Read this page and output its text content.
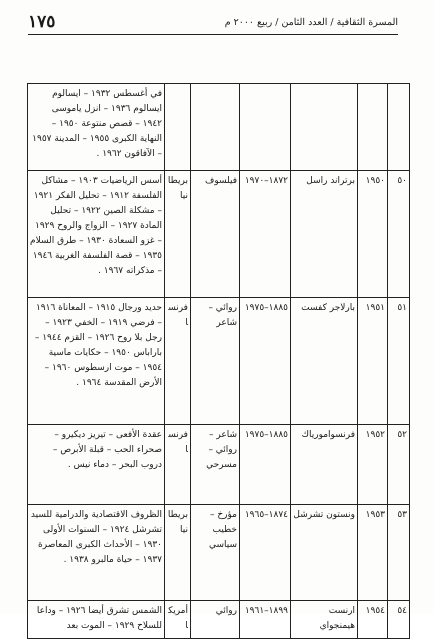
المسرة الثقافية / العدد الثامن / ربيع ٢٠٠٠ م
١٧٥
						في أغسطس ١٩٣٢ – ايسالوم ايسالوم ١٩٣٦ – انزل ياموسى ١٩٤٢ – قصص منتوعة ١٩٥٠ – النهاية الكبرى ١٩٥٥ – المدينة ١٩٥٧ – الآفاقون ١٩٦٢ .
٥٠	١٩٥٠	برتراند راسل	١٨٧٢–١٩٧٠	فيلسوف	بريطانيا	أسس الرياضيات ١٩٠٣ – مشاكل الفلسفة ١٩١٢ – تحليل الفكر ١٩٢١ – مشكلة الصين ١٩٢٢ – تحليل المادة ١٩٢٧ – الزواج والروح ١٩٢٩ – غزو السعادة ١٩٣٠ – طرق السلام ١٩٣٥ – قصة الفلسفة الغربية ١٩٤٦ – مذكراته ١٩٦٧ .
٥١	١٩٥١	بارلاجر كفست	١٨٨٥–١٩٧٥	روائي – شاعر	فرنسا	حديد ورجال ١٩١٥ – المعاناة ١٩١٦ – فرضي ١٩١٩ – الخفي ١٩٢٣ – رجل بلا روح ١٩٢٦ – القزم ١٩٤٤ – باراباس ١٩٥٠ – حكايات ماسية ١٩٥٤ – موت ارسطوس ١٩٦٠ – الأرض المقدسة ١٩٦٤ .
٥٢	١٩٥٢	فرنسوامورياك	١٨٨٥–١٩٧٥	شاعر – روائي – مسرحي	فرنسا	عقدة الأفعى – تيريز ديكيرو – صحراء الحب – قبلة الأبرص – دروب البحر – دماء نيس .
٥٣	١٩٥٣	ونستون تشرشل	١٨٧٤–١٩٦٥	مؤرخ – خطيب سياسي	بريطانيا	الظروف الاقتصادية والدرامية للسيد تشرشل ١٩٢٤ – السنوات الأولى ١٩٣٠ – الأحداث الكبرى المعاصرة ١٩٣٧ – حياة مالبرو ١٩٣٨ .
٥٤	١٩٥٤	ارنست هيمنجواي	١٨٩٩–١٩٦١	روائي	أمريكا	الشمس تشرق أيضا ١٩٢٦ – وداعا للسلاح ١٩٢٩ – الموت بعد
